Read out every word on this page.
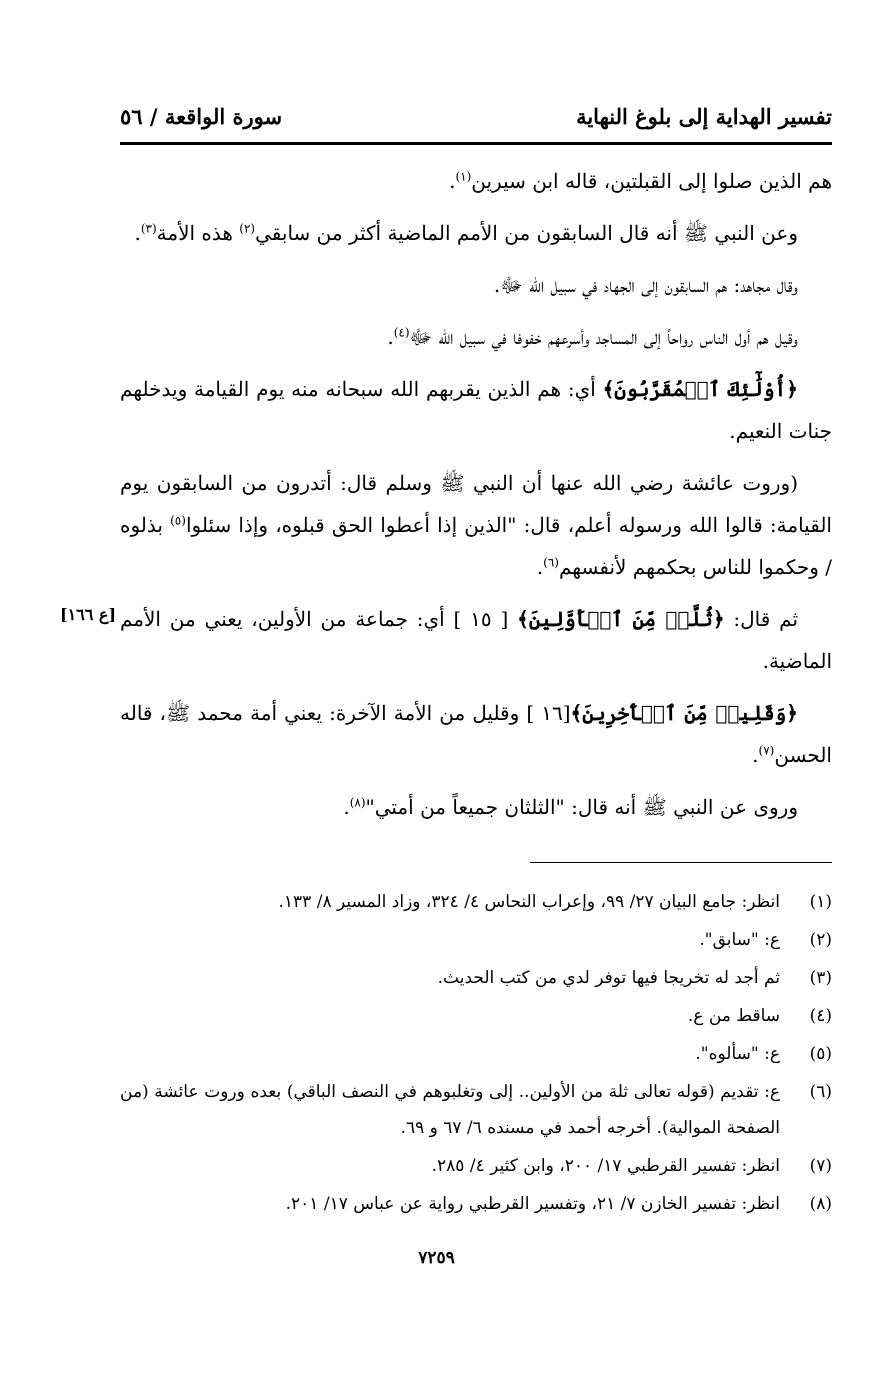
تفسير الهداية إلى بلوغ النهاية
سورة الواقعة / ٥٦

هم الذين صلوا إلى القبلتين، قاله ابن سيرين$^{(١)}$.

وعن النبي ﷺ أنه قال السابقون من الأمم الماضية أكثر من سابقي$^{(٢)}$ هذه الأمة$^{(٣)}$.

وقال مجاهد: هم السابقون إلى الجهاد في سبيل الله ﷻ.

وقيل هم أول الناس رواحاً إلى المساجد وأسرعهم خفوفا في سبيل الله ﷻ$^{(٤)}$.

﴿أُوْلَٰٓئِكَ ٱلۡمُقَرَّبُونَ﴾ أي: هم الذين يقربهم الله سبحانه منه يوم القيامة ويدخلهم جنات النعيم.

(وروت عائشة رضي الله عنها أن النبي ﷺ وسلم قال: أتدرون من السابقون يوم القيامة: قالوا الله ورسوله أعلم، قال: "الذين إذا أعطوا الحق قبلوه، وإذا سئلوا$^{(٥)}$ بذلوه / وحكموا للناس بحكمهم لأنفسهم$^{(٦)}$.

ثم قال: ﴿ثُلَّةٞ مِّنَ ٱلۡأَوَّلِينَ﴾ [ ١٥ ] أي: جماعة من الأولين، يعني من الأمم الماضية.

﴿وَقَلِيلٞ مِّنَ ٱلۡأٓخِرِينَ﴾[١٦ ] وقليل من الأمة الآخرة: يعني أمة محمد ﷺ، قاله الحسن$^{(٧)}$.

وروى عن النبي ﷺ أنه قال: "الثلثان جميعاً من أمتي"$^{(٨)}$.

[ع ١٦٦]
(١)
انظر: جامع البيان ٢٧/ ٩٩، وإعراب النحاس ٤/ ٣٢٤، وزاد المسير ٨/ ١٣٣.
(٢)
ع: "سابق".
(٣)
ثم أجد له تخريجا فيها توفر لدي من كتب الحديث.
(٤)
ساقط من ع.
(٥)
ع: "سألوه".
(٦)
ع: تقديم (قوله تعالى ثلة من الأولين.. إلى وتغلبوهم في النصف الباقي) بعده وروت عائشة (من الصفحة الموالية). أخرجه أحمد في مسنده ٦/ ٦٧ و ٦٩.
(٧)
انظر: تفسير القرطبي ١٧/ ٢٠٠، وابن كثير ٤/ ٢٨٥.
(٨)
انظر: تفسير الخازن ٧/ ٢١، وتفسير القرطبي رواية عن عباس ١٧/ ٢٠١.
٧٢٥٩
